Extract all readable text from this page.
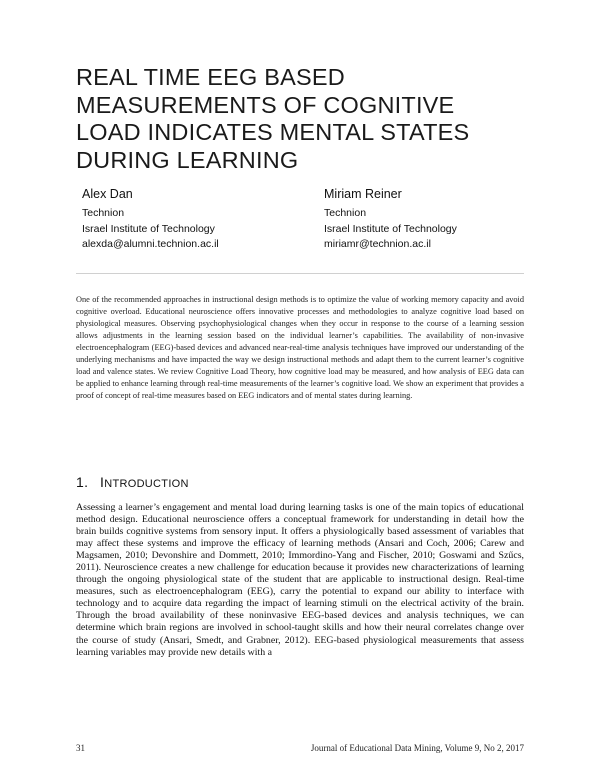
REAL TIME EEG BASED
MEASUREMENTS OF COGNITIVE
LOAD INDICATES MENTAL STATES
DURING LEARNING
Alex Dan
Technion
Israel Institute of Technology
alexda@alumni.technion.ac.il
Miriam Reiner
Technion
Israel Institute of Technology
miriamr@technion.ac.il
One of the recommended approaches in instructional design methods is to optimize the value of working memory capacity and avoid cognitive overload. Educational neuroscience offers innovative processes and methodologies to analyze cognitive load based on physiological measures. Observing psychophysiological changes when they occur in response to the course of a learning session allows adjustments in the learning session based on the individual learner’s capabilities. The availability of non-invasive electroencephalogram (EEG)-based devices and advanced near-real-time analysis techniques have improved our understanding of the underlying mechanisms and have impacted the way we design instructional methods and adapt them to the current learner’s cognitive load and valence states. We review Cognitive Load Theory, how cognitive load may be measured, and how analysis of EEG data can be applied to enhance learning through real-time measurements of the learner’s cognitive load. We show an experiment that provides a proof of concept of real-time measures based on EEG indicators and of mental states during learning.
1. INTRODUCTION
Assessing a learner’s engagement and mental load during learning tasks is one of the main topics of educational method design. Educational neuroscience offers a conceptual framework for understanding in detail how the brain builds cognitive systems from sensory input. It offers a physiologically based assessment of variables that may affect these systems and improve the efficacy of learning methods (Ansari and Coch, 2006; Carew and Magsamen, 2010; Devonshire and Dommett, 2010; Immordino-Yang and Fischer, 2010; Goswami and Szűcs, 2011). Neuroscience creates a new challenge for education because it provides new characterizations of learning through the ongoing physiological state of the student that are applicable to instructional design. Real-time measures, such as electroencephalogram (EEG), carry the potential to expand our ability to interface with technology and to acquire data regarding the impact of learning stimuli on the electrical activity of the brain. Through the broad availability of these noninvasive EEG-based devices and analysis techniques, we can determine which brain regions are involved in school-taught skills and how their neural correlates change over the course of study (Ansari, Smedt, and Grabner, 2012). EEG-based physiological measurements that assess learning variables may provide new details with a
31	Journal of Educational Data Mining, Volume 9, No 2, 2017
